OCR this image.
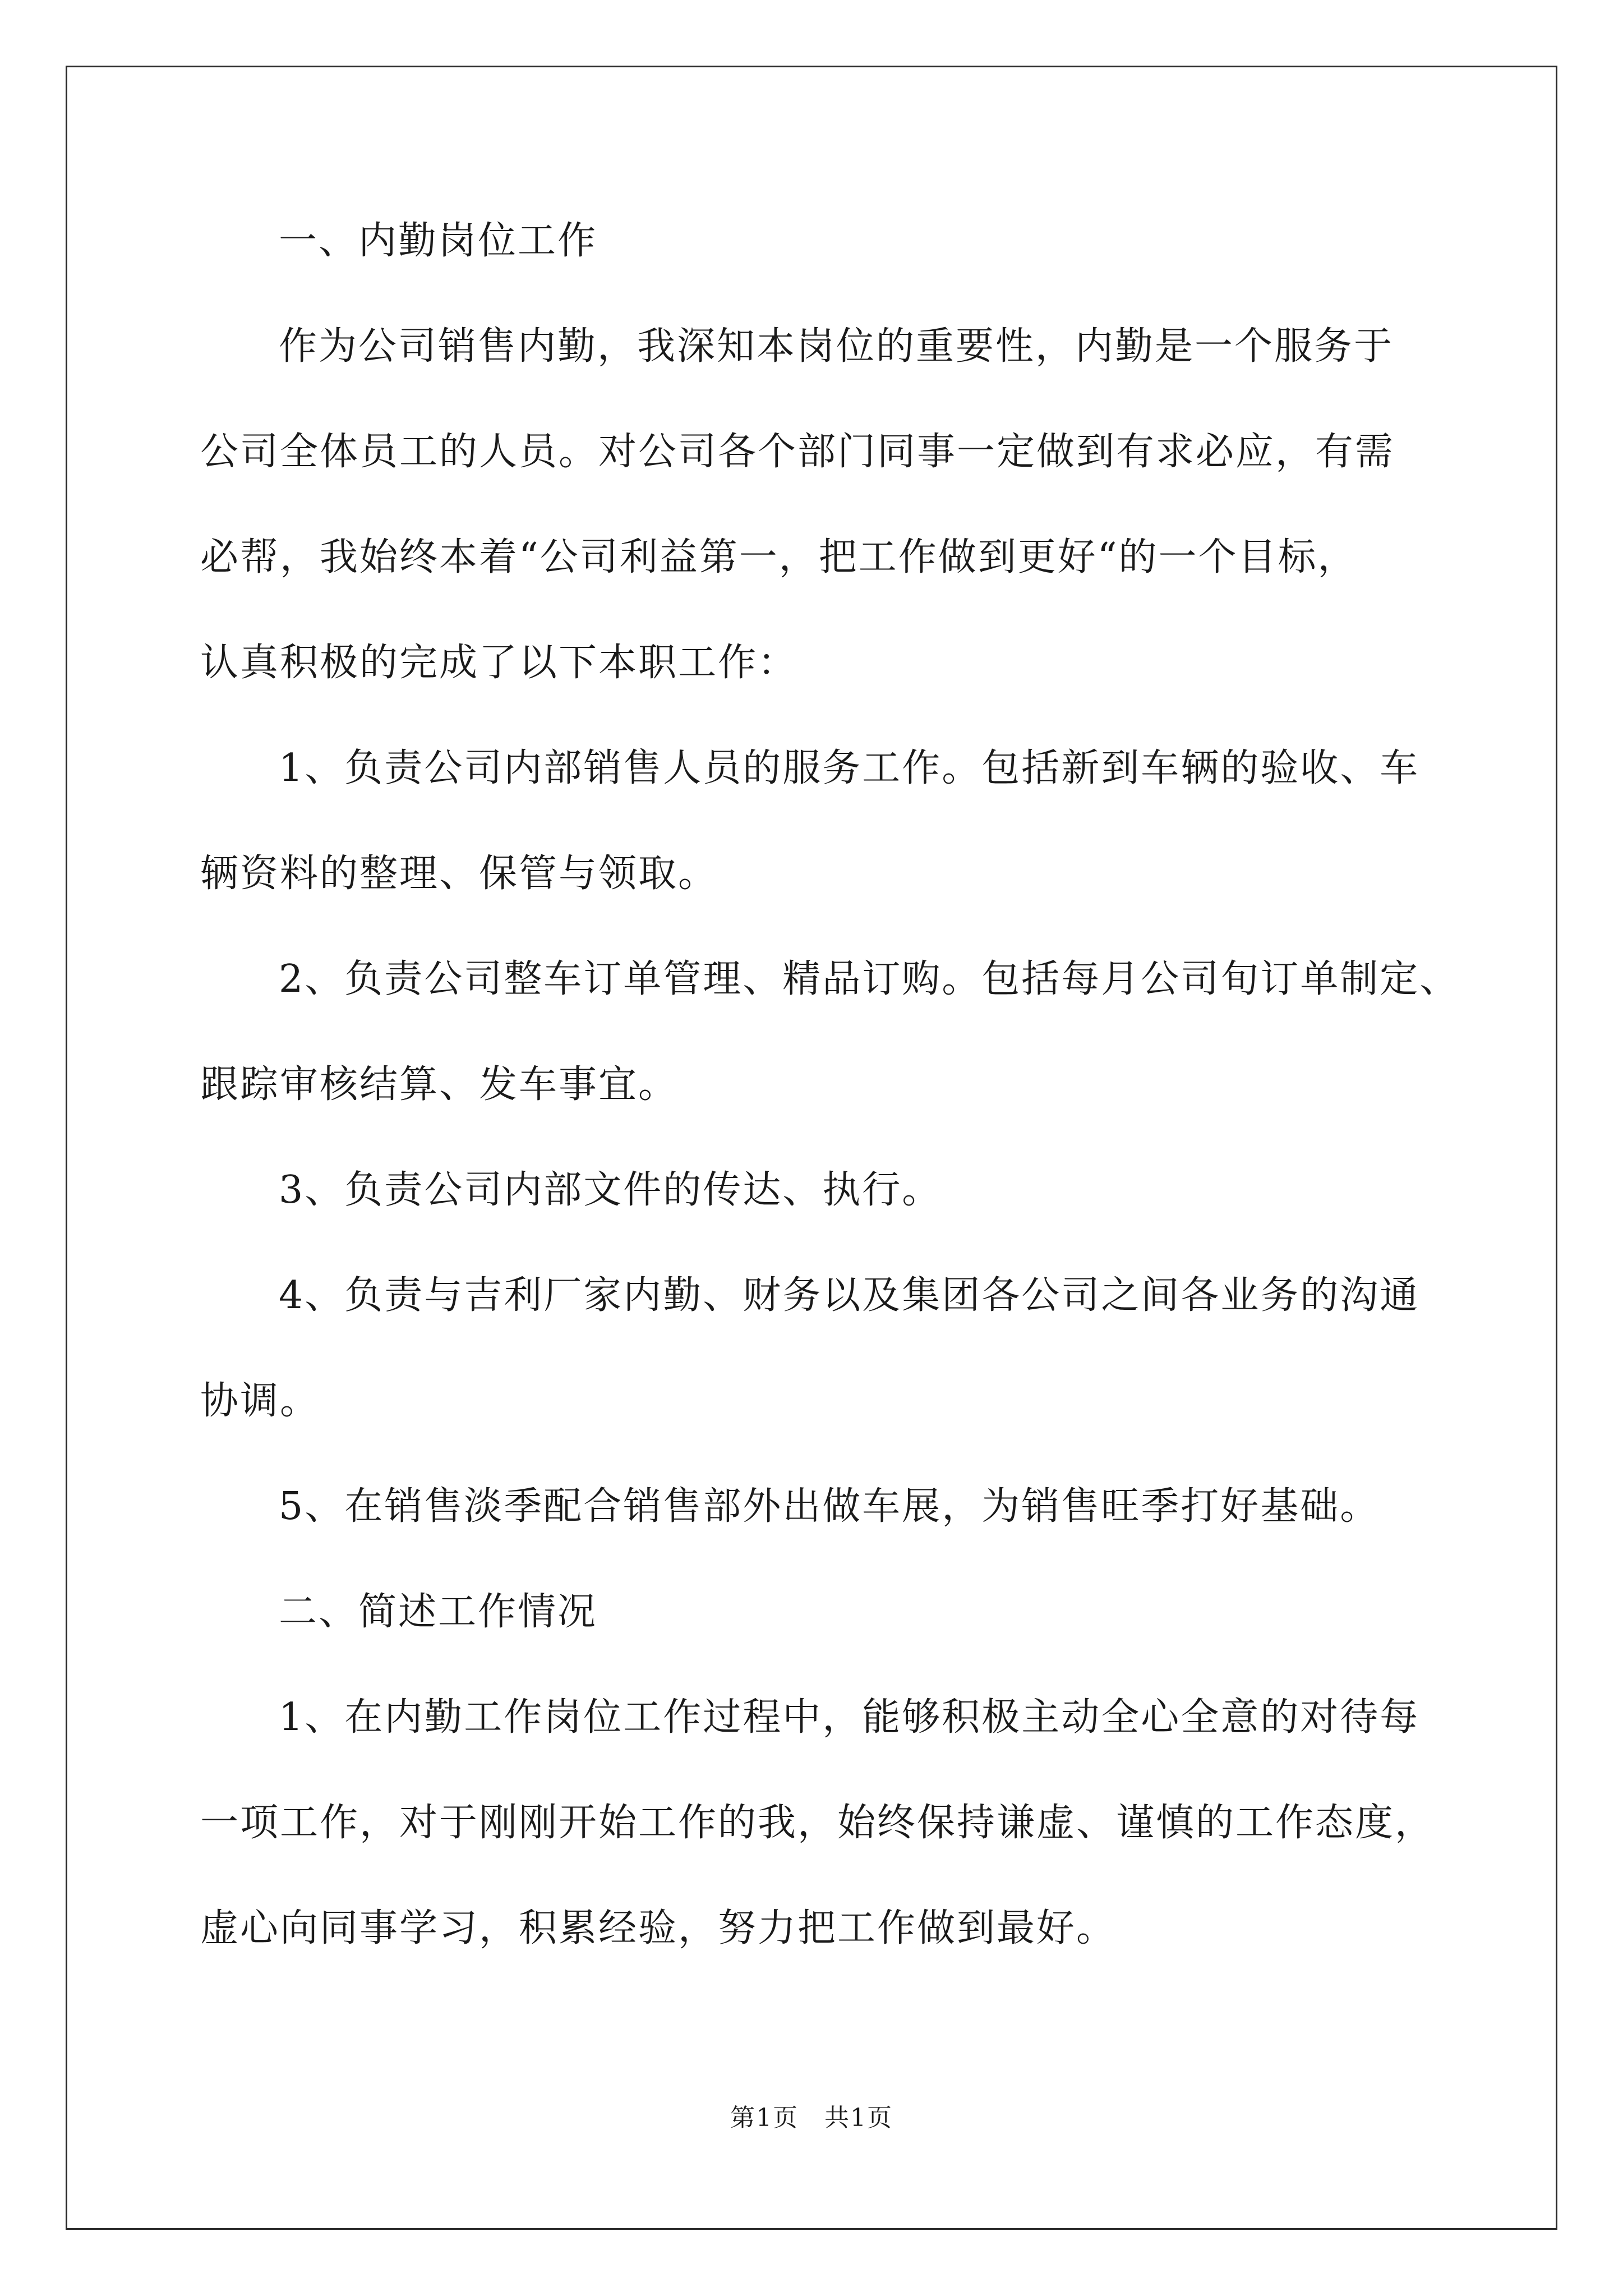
一、内勤岗位工作
作为公司销售内勤，我深知本岗位的重要性，内勤是一个服务于
公司全体员工的人员。对公司各个部门同事一定做到有求必应，有需
必帮，我始终本着“公司利益第一，把工作做到更好“的一个目标，
认真积极的完成了以下本职工作：
1、负责公司内部销售人员的服务工作。包括新到车辆的验收、车
辆资料的整理、保管与领取。
2、负责公司整车订单管理、精品订购。包括每月公司旬订单制定、
跟踪审核结算、发车事宜。
3、负责公司内部文件的传达、执行。
4、负责与吉利厂家内勤、财务以及集团各公司之间各业务的沟通
协调。
5、在销售淡季配合销售部外出做车展，为销售旺季打好基础。
二、简述工作情况
1、在内勤工作岗位工作过程中，能够积极主动全心全意的对待每
一项工作，对于刚刚开始工作的我，始终保持谦虚、谨慎的工作态度，
虚心向同事学习，积累经验，努力把工作做到最好。
第1页　共1页
